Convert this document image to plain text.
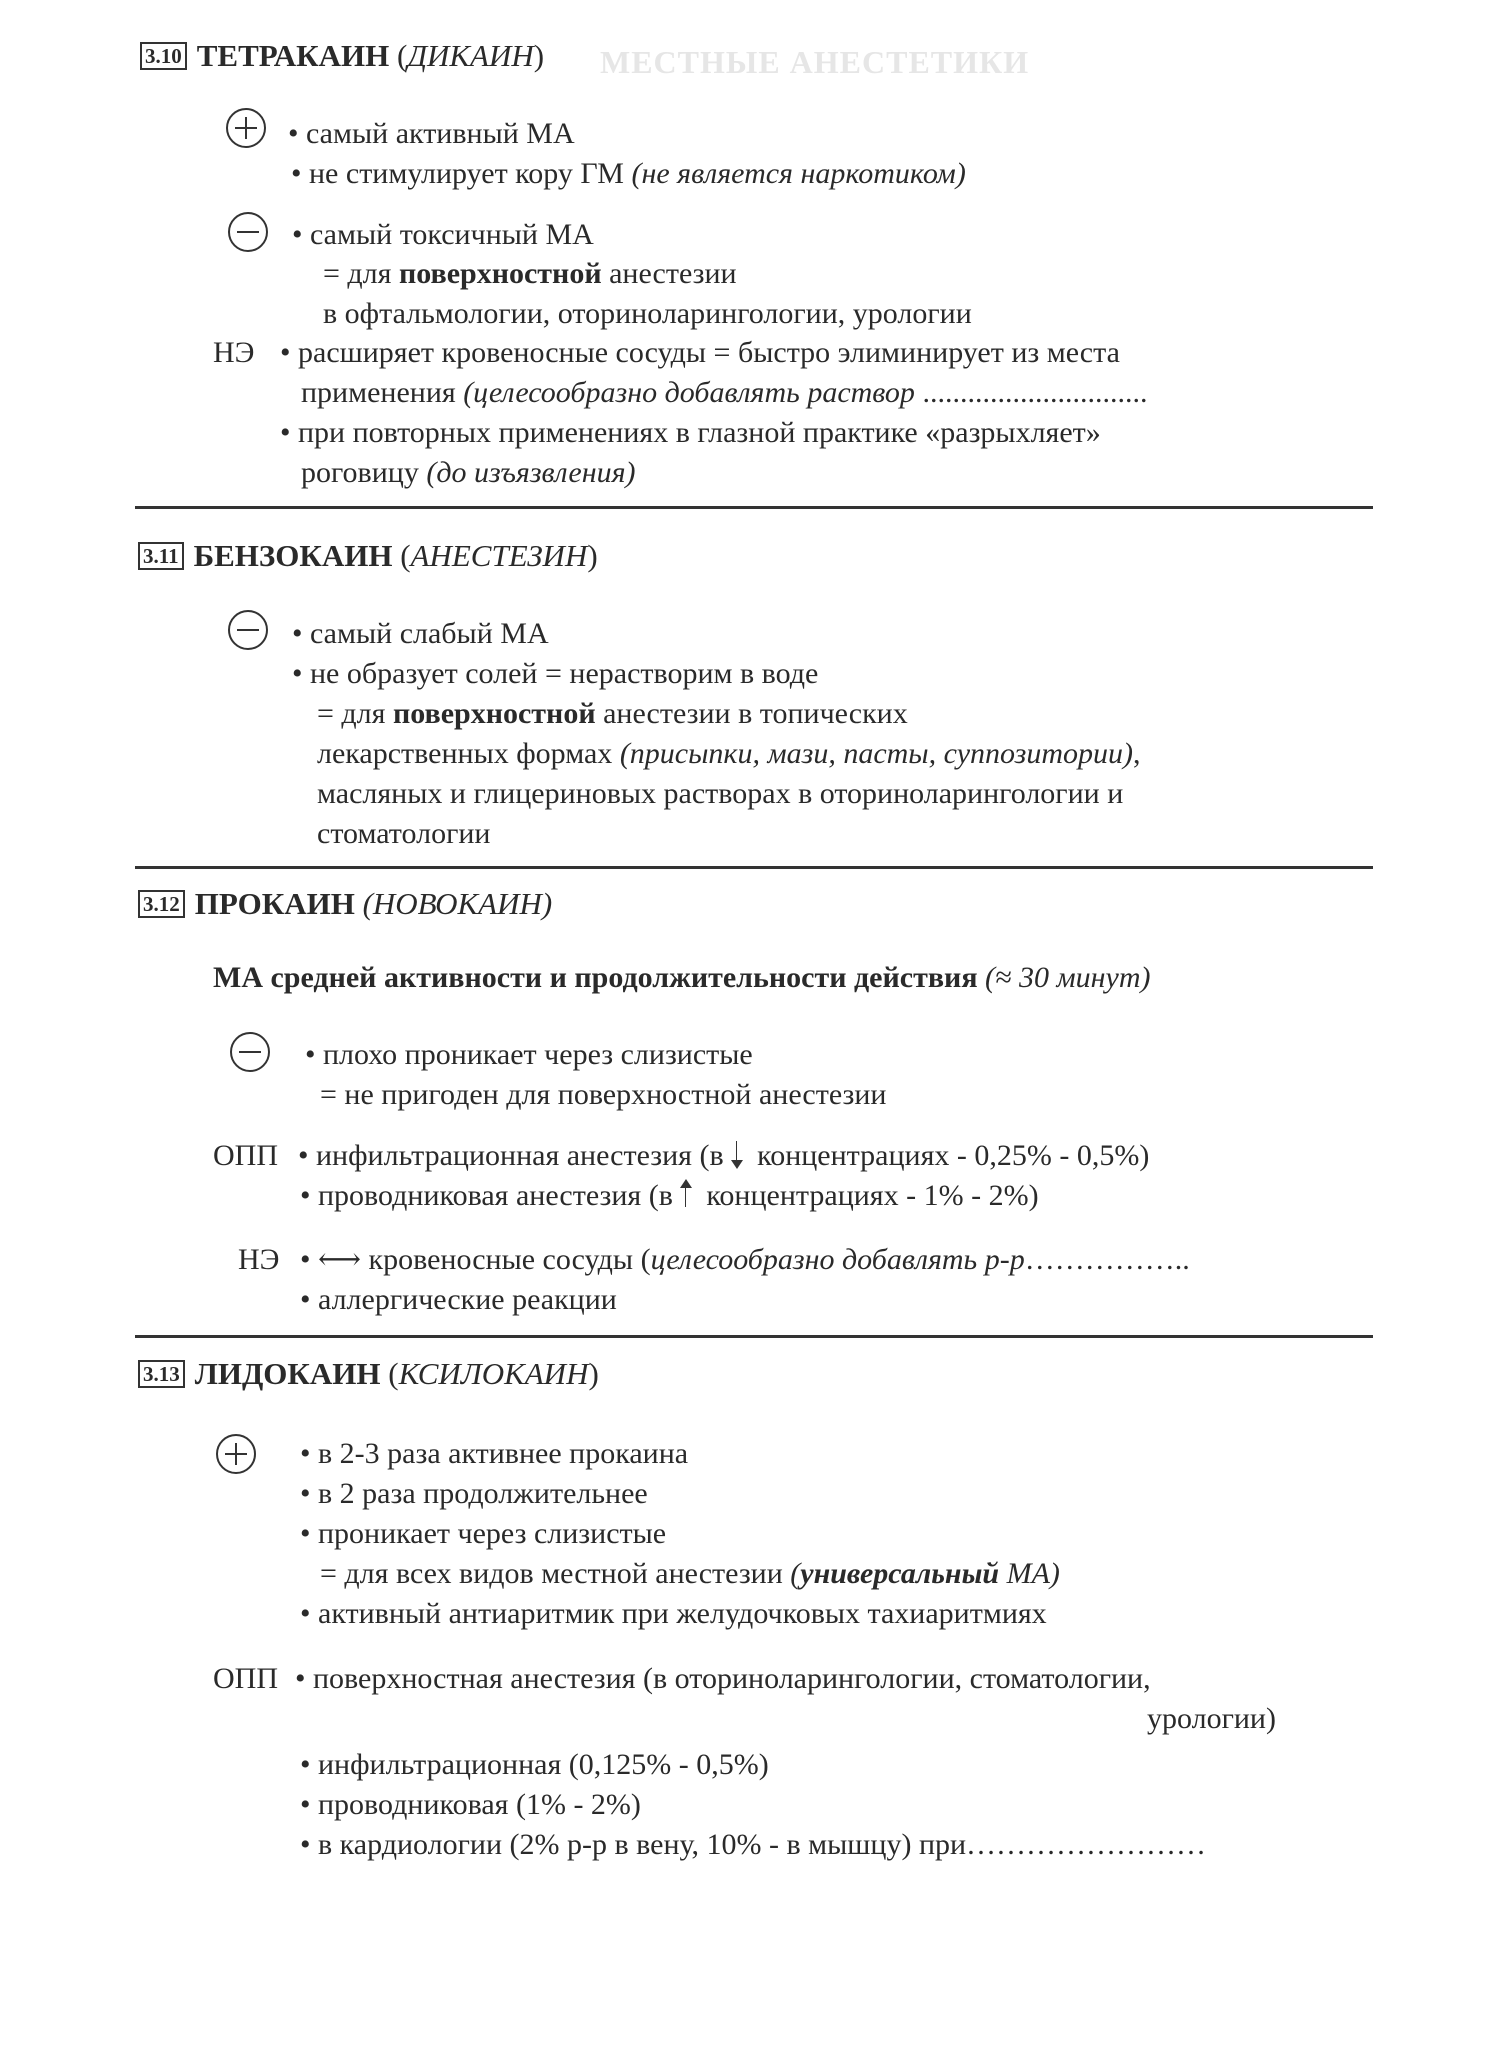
МЕСТНЫЕ АНЕСТЕТИКИ
3.10 ТЕТРАКАИН (ДИКАИН)
• самый активный МА
• не стимулирует кору ГМ (не является наркотиком)
• самый токсичный МА
= для поверхностной анестезии
в офтальмологии, оториноларингологии, урологии
НЭ • расширяет кровеносные сосуды = быстро элиминирует из места
применения (целесообразно добавлять раствор ..............................
• при повторных применениях в глазной практике «разрыхляет»
роговицу (до изъязвления)
3.11 БЕНЗОКАИН (АНЕСТЕЗИН)
• самый слабый МА
• не образует солей = нерастворим в воде
= для поверхностной анестезии в топических
лекарственных формах (присыпки, мази, пасты, суппозитории),
масляных и глицериновых растворах в оториноларингологии и
стоматологии
3.12 ПРОКАИН (НОВОКАИН)
МА средней активности и продолжительности действия (≈ 30 минут)
• плохо проникает через слизистые
= не пригоден для поверхностной анестезии
ОПП • инфильтрационная анестезия (в концентрациях - 0,25% - 0,5%)
• проводниковая анестезия (в концентрациях - 1% - 2%)
НЭ • ⟷ кровеносные сосуды (целесообразно добавлять р-р……………..
• аллергические реакции
3.13 ЛИДОКАИН (КСИЛОКАИН)
• в 2-3 раза активнее прокаина
• в 2 раза продолжительнее
• проникает через слизистые
= для всех видов местной анестезии (универсальный МА)
• активный антиаритмик при желудочковых тахиаритмиях
ОПП • поверхностная анестезия (в оториноларингологии, стоматологии,
урологии)
• инфильтрационная (0,125% - 0,5%)
• проводниковая (1% - 2%)
• в кардиологии (2% р-р в вену, 10% - в мышцу) при……………………
